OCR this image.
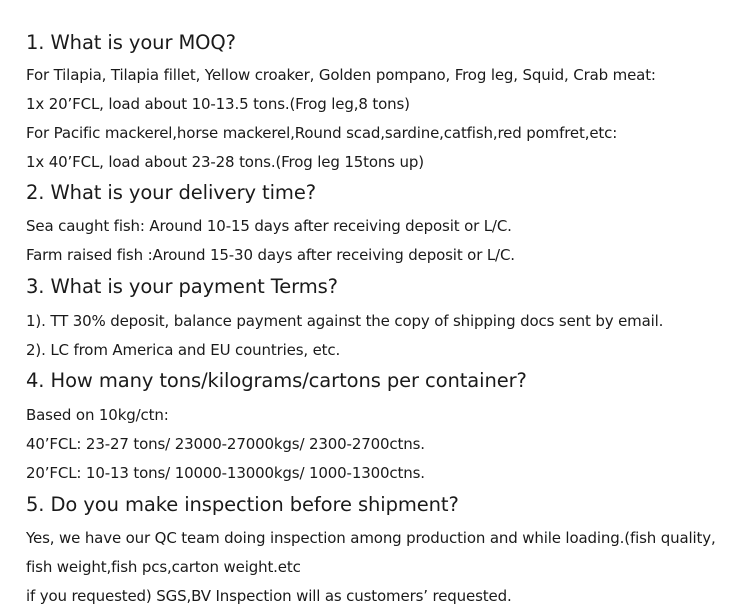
1. What is your MOQ?
For Tilapia, Tilapia fillet, Yellow croaker, Golden pompano, Frog leg, Squid, Crab meat:
1x 20’FCL, load about 10-13.5 tons.(Frog leg,8 tons)
For Pacific mackerel,horse mackerel,Round scad,sardine,catfish,red pomfret,etc:
1x 40’FCL, load about 23-28 tons.(Frog leg 15tons up)
2. What is your delivery time?
Sea caught fish: Around 10-15 days after receiving deposit or L/C.
Farm raised fish :Around 15-30 days after receiving deposit or L/C.
3. What is your payment Terms?
1). TT 30% deposit, balance payment against the copy of shipping docs sent by email.
2). LC from America and EU countries, etc.
4. How many tons/kilograms/cartons per container?
Based on 10kg/ctn:
40’FCL: 23-27 tons/ 23000-27000kgs/ 2300-2700ctns.
20’FCL: 10-13 tons/ 10000-13000kgs/ 1000-1300ctns.
5. Do you make inspection before shipment?
Yes, we have our QC team doing inspection among production and while loading.(fish quality,
fish weight,fish pcs,carton weight.etc
if you requested) SGS,BV Inspection will as customers’ requested.
